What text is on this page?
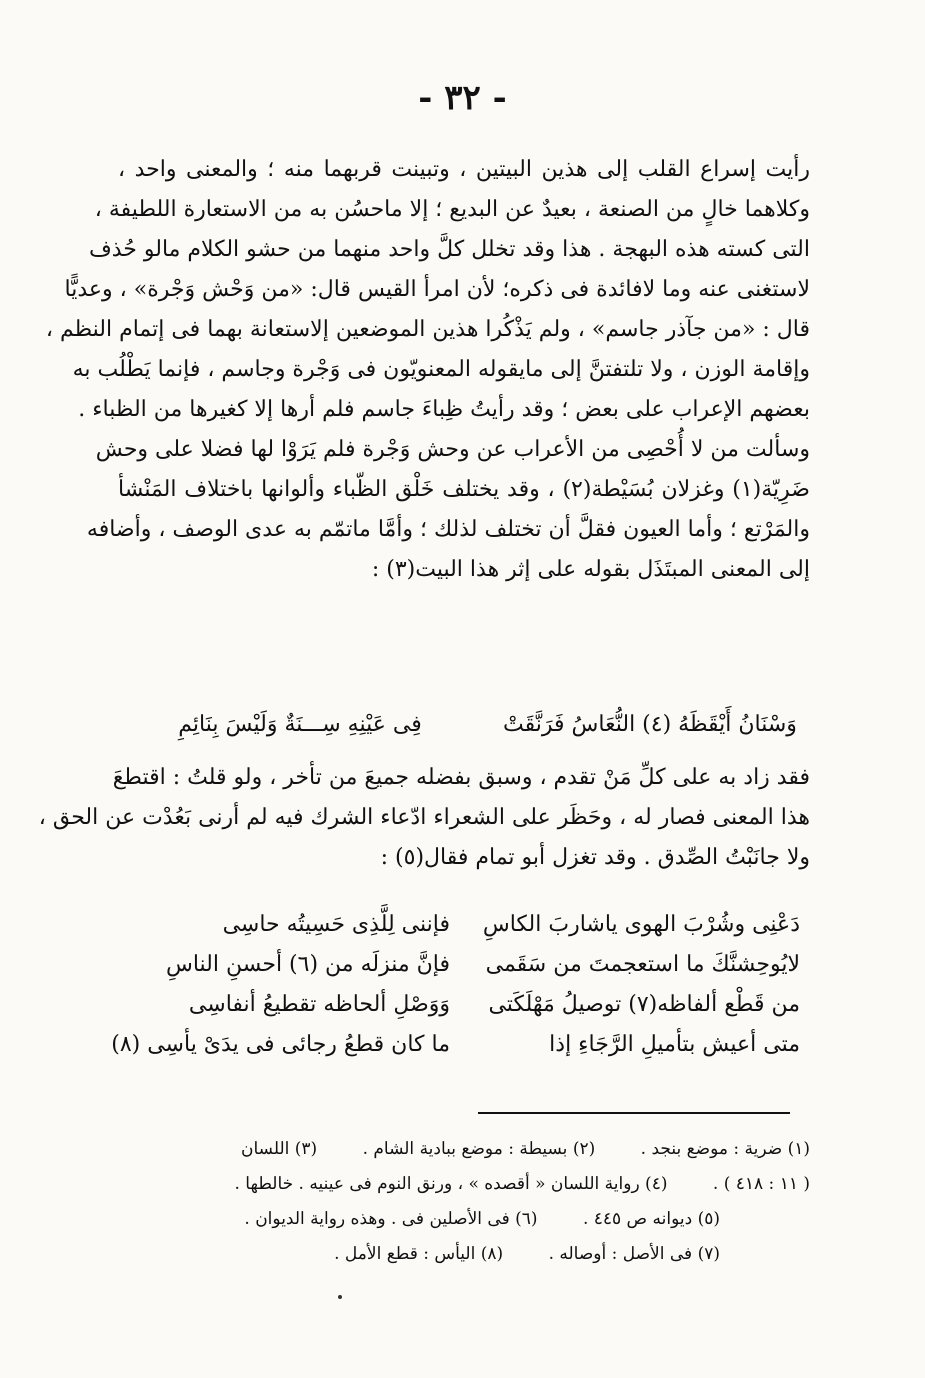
- ٣٢ -
رأيت إسراع القلب إلى هذين البيتين ، وتبينت قربهما منه ؛ والمعنى واحد ،
وكلاهما خالٍ من الصنعة ، بعيدٌ عن البديع ؛ إلا ماحسُن به من الاستعارة اللطيفة ،
التى كسته هذه البهجة . هذا وقد تخلل كلَّ واحد منهما من حشو الكلام مالو حُذف
لاستغنى عنه وما لافائدة فى ذكره؛ لأن امرأ القيس قال: «من وَحْش وَجْرة» ، وعديًّا
قال : «من جآذر جاسم» ، ولم يَذْكُرا هذين الموضعين إلاستعانة بهما فى إتمام النظم ،
وإقامة الوزن ، ولا تلتفتنَّ إلى مايقوله المعنويّون فى وَجْرة وجاسم ، فإنما يَطْلُب به
بعضهم الإعراب على بعض ؛ وقد رأيتُ ظِباءَ جاسم فلم أرها إلا كغيرها من الظباء .
وسألت من لا أُحْصِى من الأعراب عن وحش وَجْرة فلم يَرَوْا لها فضلا على وحش
ضَرِيّة(١) وغزلان بُسَيْطة(٢) ، وقد يختلف خَلْق الظّباء وألوانها باختلاف المَنْشأ
والمَرْتع ؛ وأما العيون فقلَّ أن تختلف لذلك ؛ وأمَّا ماتمّم به عدى الوصف ، وأضافه
إلى المعنى المبتَذَل بقوله على إثر هذا البيت(٣) :
وَسْنَانُ أَيْقَظَهُ (٤) النُّعَاسُ فَرَنَّقَتْ
فِى عَيْنِهِ سِـــنَةٌ وَلَيْسَ بِنَائِمِ
فقد زاد به على كلِّ مَنْ تقدم ، وسبق بفضله جميعَ من تأخر ، ولو قلتُ : اقتطعَ
هذا المعنى فصار له ، وحَظَر على الشعراء ادّعاء الشرك فيه لم أرنى بَعُدْت عن الحق ،
ولا جانَبْتُ الصِّدق . وقد تغزل أبو تمام فقال(٥) :
دَعْنِى وشُرْبَ الهوى ياشاربَ الكاسِ
فإننى لِلَّذِى حَسِيتُه حاسِى
لايُوحِشنَّكَ ما استعجمتَ من سَقَمى
فإنَّ منزلَه من (٦) أحسنِ الناسِ
من قَطْع ألفاظه(٧) توصيلُ مَهْلَكَتى
وَوَصْلِ ألحاظه تقطيعُ أنفاسِى
متى أعيش بتأميلِ الرَّجَاءِ إذا
ما كان قطعُ رجائى فى يدَىْ يأسِى (٨)
(١) ضرية : موضع بنجد . (٢) بسيطة : موضع ببادية الشام . (٣) اللسان
( ١١ : ٤١٨ ) . (٤) رواية اللسان « أقصده » ، ورنق النوم فى عينيه . خالطها .
(٥) ديوانه ص ٤٤٥ . (٦) فى الأصلين فى . وهذه رواية الديوان .
(٧) فى الأصل : أوصاله . (٨) اليأس : قطع الأمل .
